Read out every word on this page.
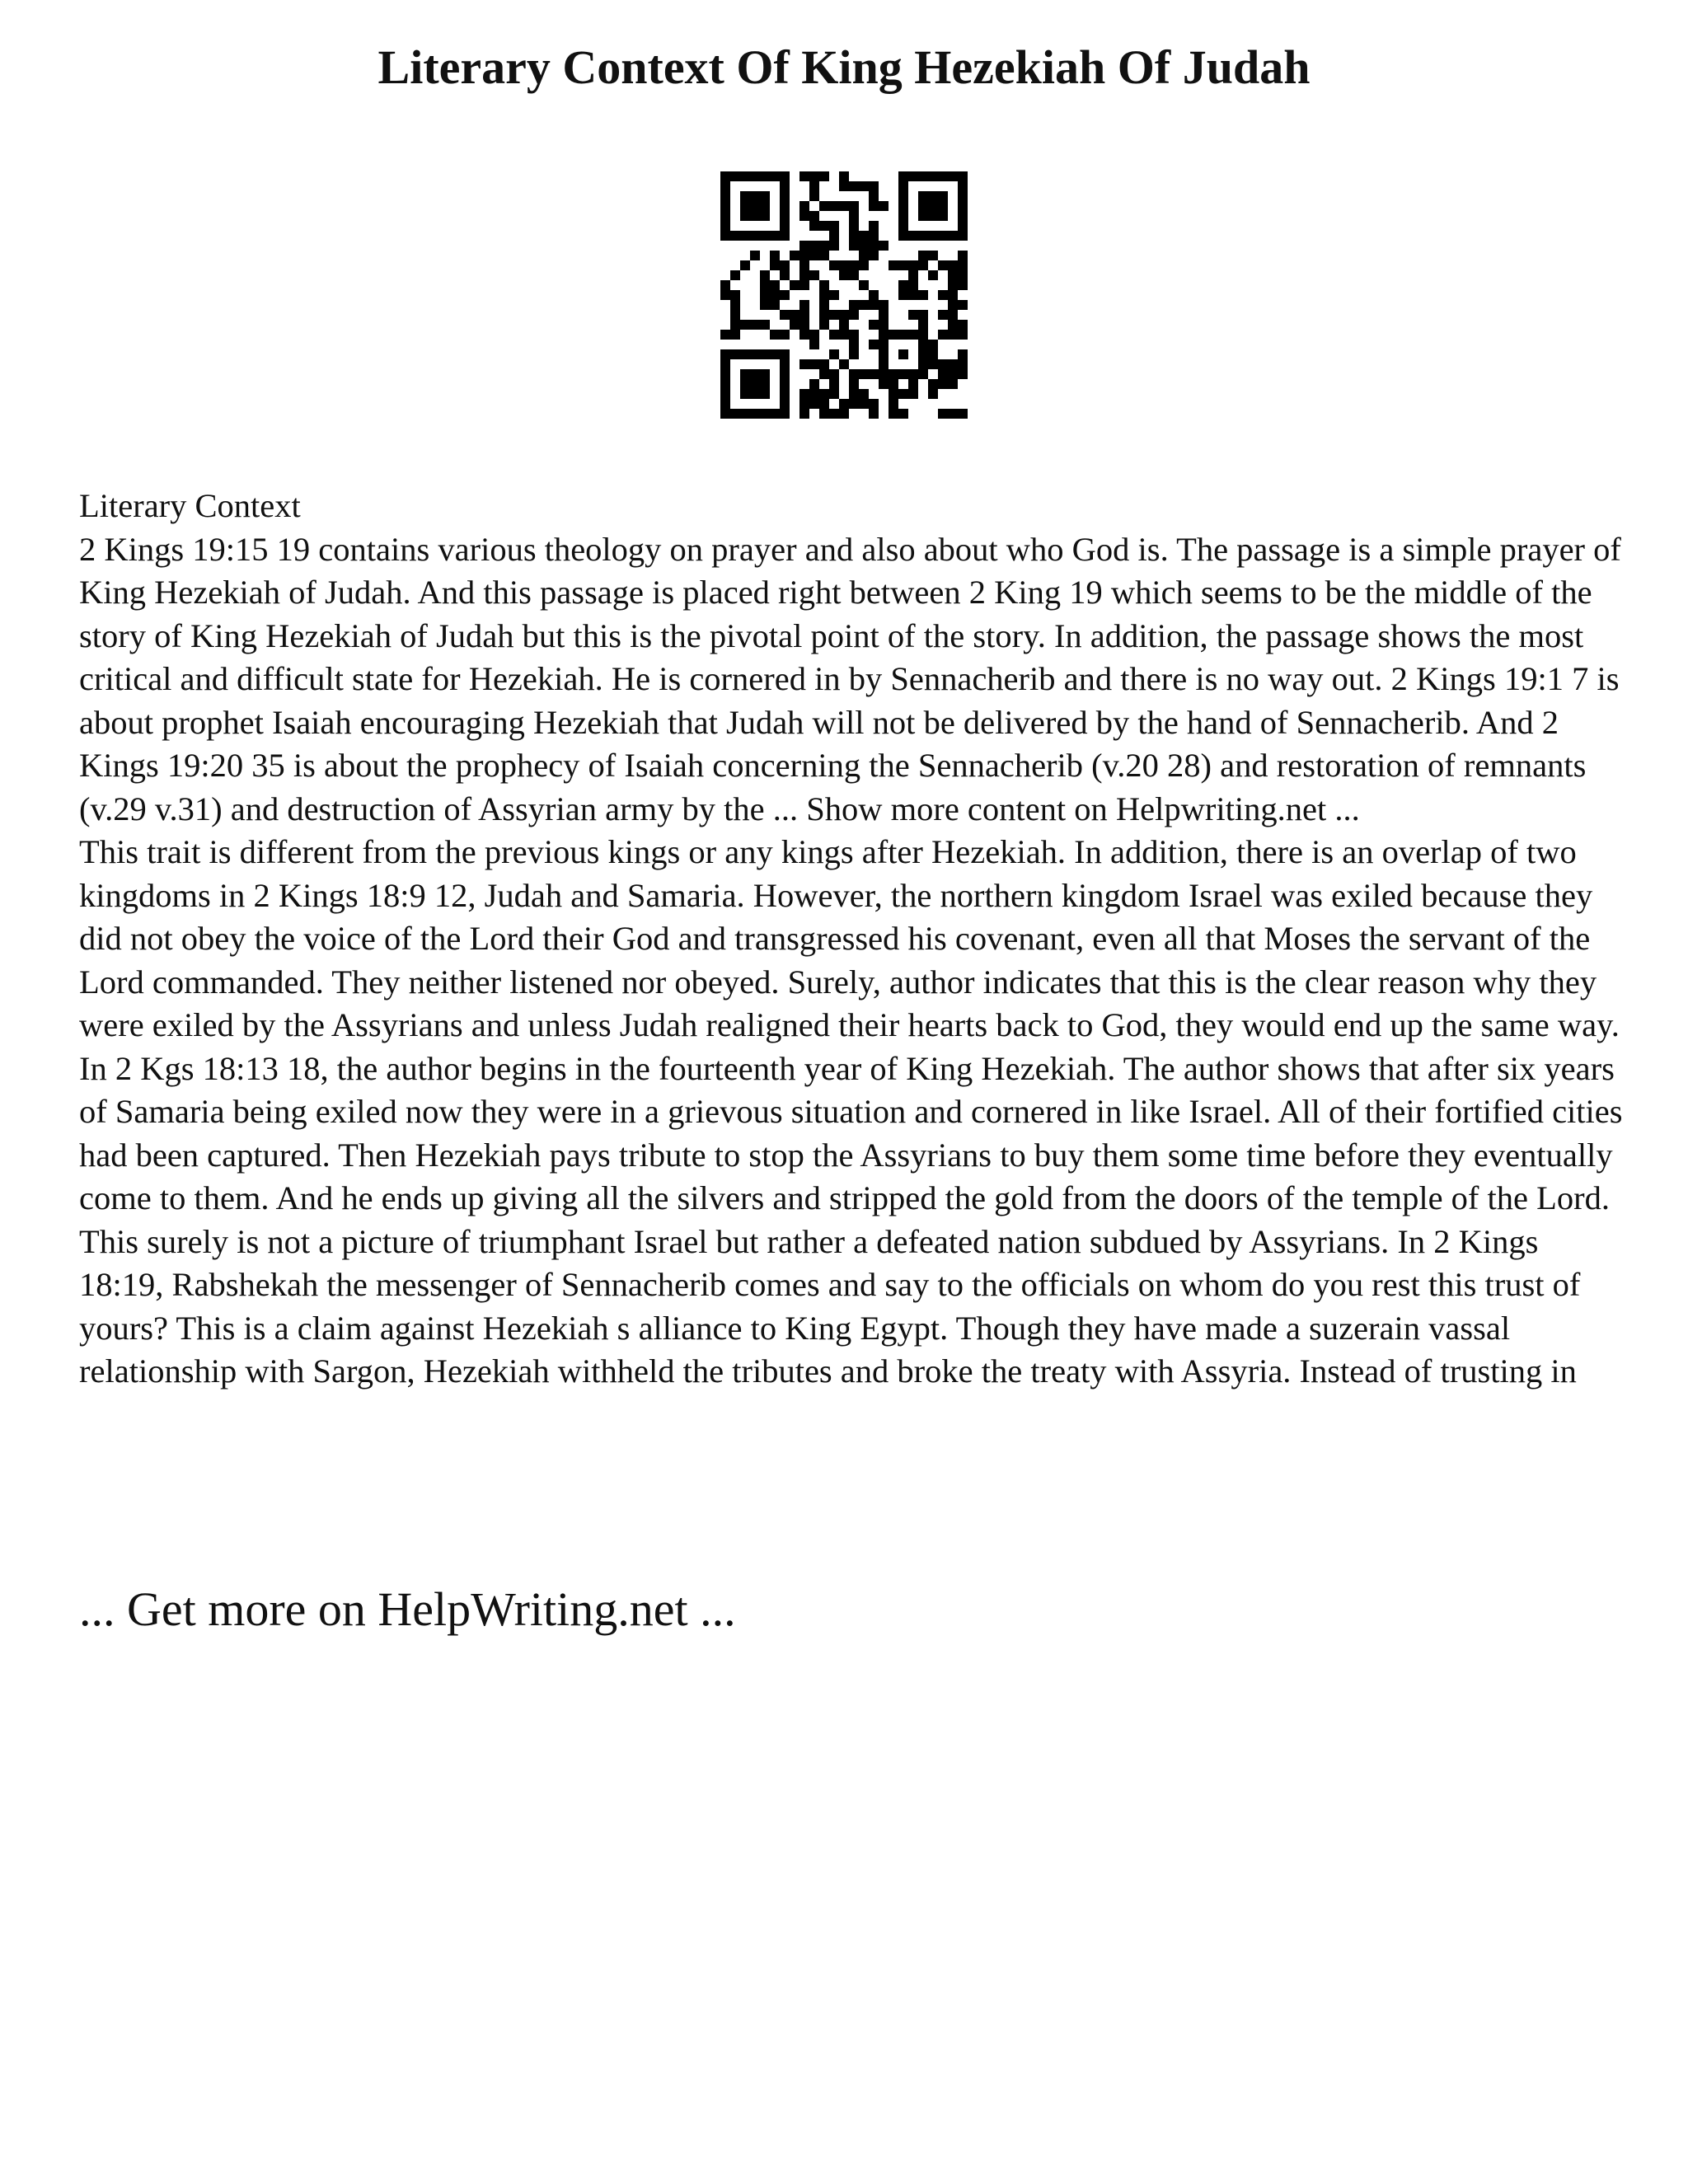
Literary Context Of King Hezekiah Of Judah

Literary Context

2 Kings 19:15 19 contains various theology on prayer and also about who God is. The passage is a simple prayer of King Hezekiah of Judah. And this passage is placed right between 2 King 19 which seems to be the middle of the story of King Hezekiah of Judah but this is the pivotal point of the story. In addition, the passage shows the most critical and difficult state for Hezekiah. He is cornered in by Sennacherib and there is no way out. 2 Kings 19:1 7 is about prophet Isaiah encouraging Hezekiah that Judah will not be delivered by the hand of Sennacherib. And 2 Kings 19:20 35 is about the prophecy of Isaiah concerning the Sennacherib (v.20 28) and restoration of remnants (v.29 v.31) and destruction of Assyrian army by the ... Show more content on Helpwriting.net ...

This trait is different from the previous kings or any kings after Hezekiah. In addition, there is an overlap of two kingdoms in 2 Kings 18:9 12, Judah and Samaria. However, the northern kingdom Israel was exiled because they did not obey the voice of the Lord their God and transgressed his covenant, even all that Moses the servant of the Lord commanded. They neither listened nor obeyed. Surely, author indicates that this is the clear reason why they were exiled by the Assyrians and unless Judah realigned their hearts back to God, they would end up the same way. In 2 Kgs 18:13 18, the author begins in the fourteenth year of King Hezekiah. The author shows that after six years of Samaria being exiled now they were in a grievous situation and cornered in like Israel. All of their fortified cities had been captured. Then Hezekiah pays tribute to stop the Assyrians to buy them some time before they eventually come to them. And he ends up giving all the silvers and stripped the gold from the doors of the temple of the Lord. This surely is not a picture of triumphant Israel but rather a defeated nation subdued by Assyrians. In 2 Kings 18:19, Rabshekah the messenger of Sennacherib comes and say to the officials on whom do you rest this trust of yours? This is a claim against Hezekiah s alliance to King Egypt. Though they have made a suzerain vassal relationship with Sargon, Hezekiah withheld the tributes and broke the treaty with Assyria. Instead of trusting in

... Get more on HelpWriting.net ...
